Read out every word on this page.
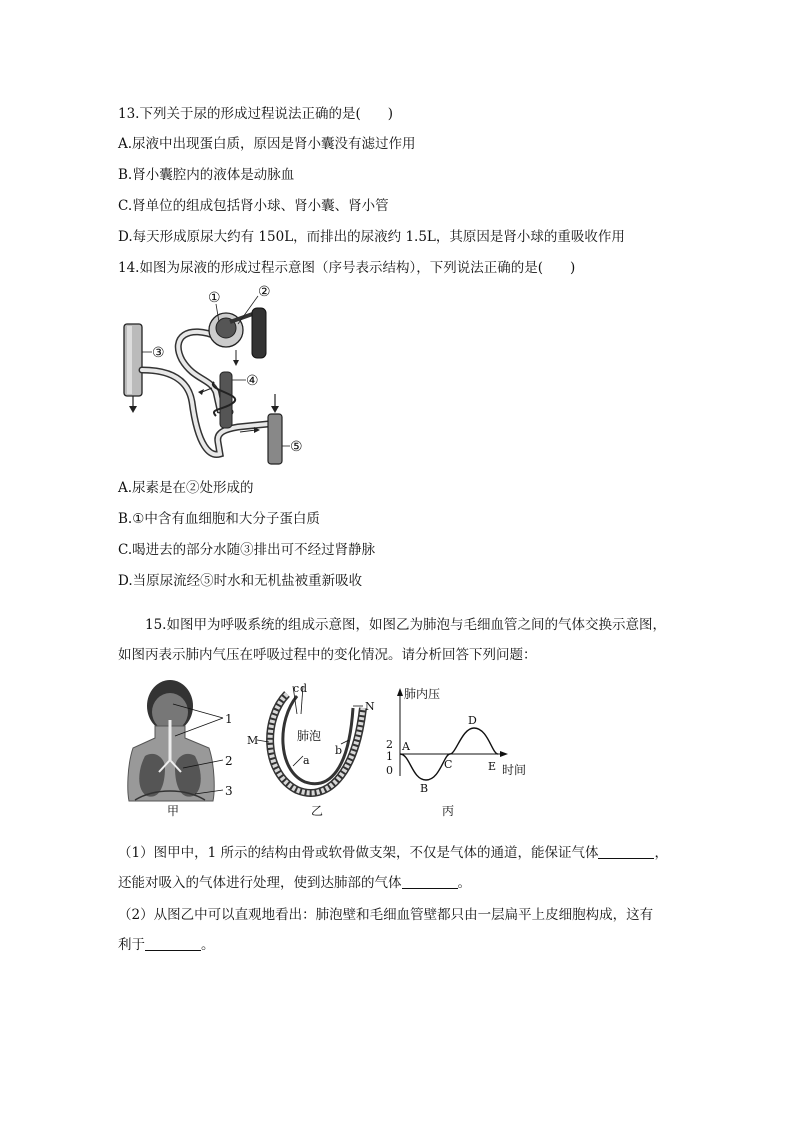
13.下列关于尿的形成过程说法正确的是(　　)
A.尿液中出现蛋白质，原因是肾小囊没有滤过作用
B.肾小囊腔内的液体是动脉血
C.肾单位的组成包括肾小球、肾小囊、肾小管
D.每天形成原尿大约有 150L，而排出的尿液约 1.5L，其原因是肾小球的重吸收作用
14.如图为尿液的形成过程示意图（序号表示结构），下列说法正确的是(　　)
①	②
③
④
⑤
A.尿素是在②处形成的
B.①中含有血细胞和大分子蛋白质
C.喝进去的部分水随③排出可不经过肾静脉
D.当原尿流经⑤时水和无机盐被重新吸收
15.如图甲为呼吸系统的组成示意图，如图乙为肺泡与毛细血管之间的气体交换示意图，如图丙表示肺内气压在呼吸过程中的变化情况。请分析回答下列问题：
1
2
3
甲
c d
N
M
a
b
肺泡
乙
肺内压
时间
2
1
0
A
B
C
D
E
丙
（1）图甲中，1 所示的结构由骨或软骨做支架，不仅是气体的通道，能保证气体	，
还能对吸入的气体进行处理，使到达肺部的气体	。
（2）从图乙中可以直观地看出：肺泡壁和毛细血管壁都只由一层扁平上皮细胞构成，这有
利于	。
